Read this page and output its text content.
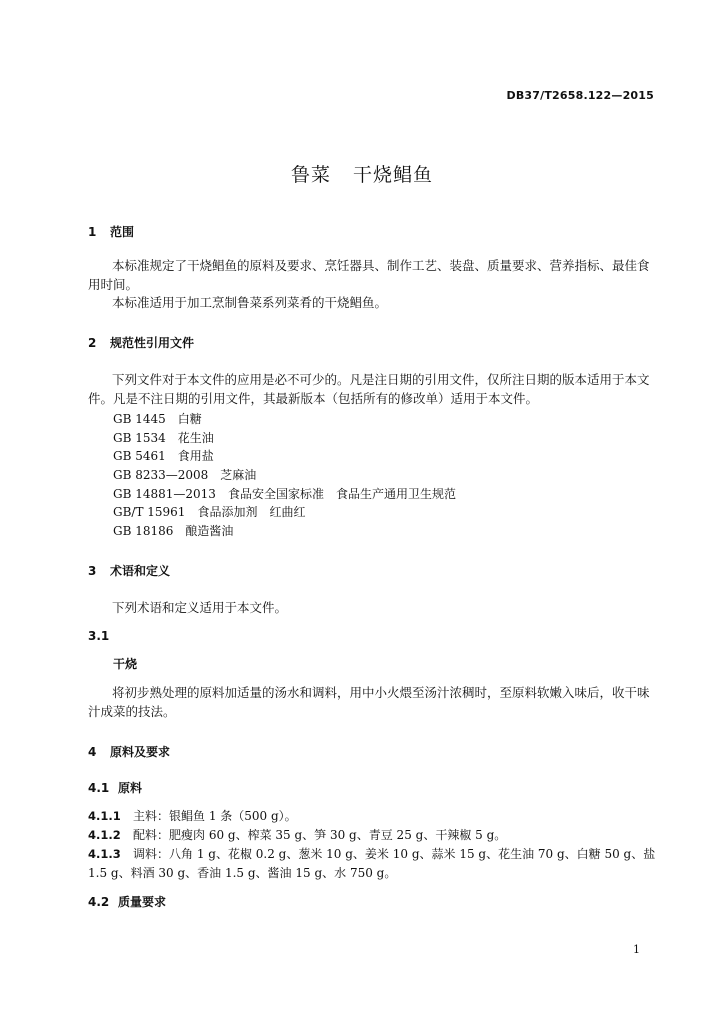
DB37/T2658.122—2015
鲁菜 干烧鲳鱼
1 范围
本标准规定了干烧鲳鱼的原料及要求、烹饪器具、制作工艺、装盘、质量要求、营养指标、最佳食用时间。
本标准适用于加工烹制鲁菜系列菜肴的干烧鲳鱼。
2 规范性引用文件
下列文件对于本文件的应用是必不可少的。凡是注日期的引用文件，仅所注日期的版本适用于本文件。凡是不注日期的引用文件，其最新版本（包括所有的修改单）适用于本文件。
GB 1445 白糖
GB 1534 花生油
GB 5461 食用盐
GB 8233—2008 芝麻油
GB 14881—2013 食品安全国家标准　食品生产通用卫生规范
GB/T 15961 食品添加剂　红曲红
GB 18186 酿造酱油
3 术语和定义
下列术语和定义适用于本文件。
3.1
干烧
将初步熟处理的原料加适量的汤水和调料，用中小火煨至汤汁浓稠时，至原料软嫩入味后，收干味汁成菜的技法。
4 原料及要求
4.1 原料
4.1.1 主料：银鲳鱼 1 条（500 g）。
4.1.2 配料：肥瘦肉 60 g、榨菜 35 g、笋 30 g、青豆 25 g、干辣椒 5 g。
4.1.3 调料：八角 1 g、花椒 0.2 g、葱米 10 g、姜米 10 g、蒜米 15 g、花生油 70 g、白糖 50 g、盐 1.5 g、料酒 30 g、香油 1.5 g、酱油 15 g、水 750 g。
4.2 质量要求
1
